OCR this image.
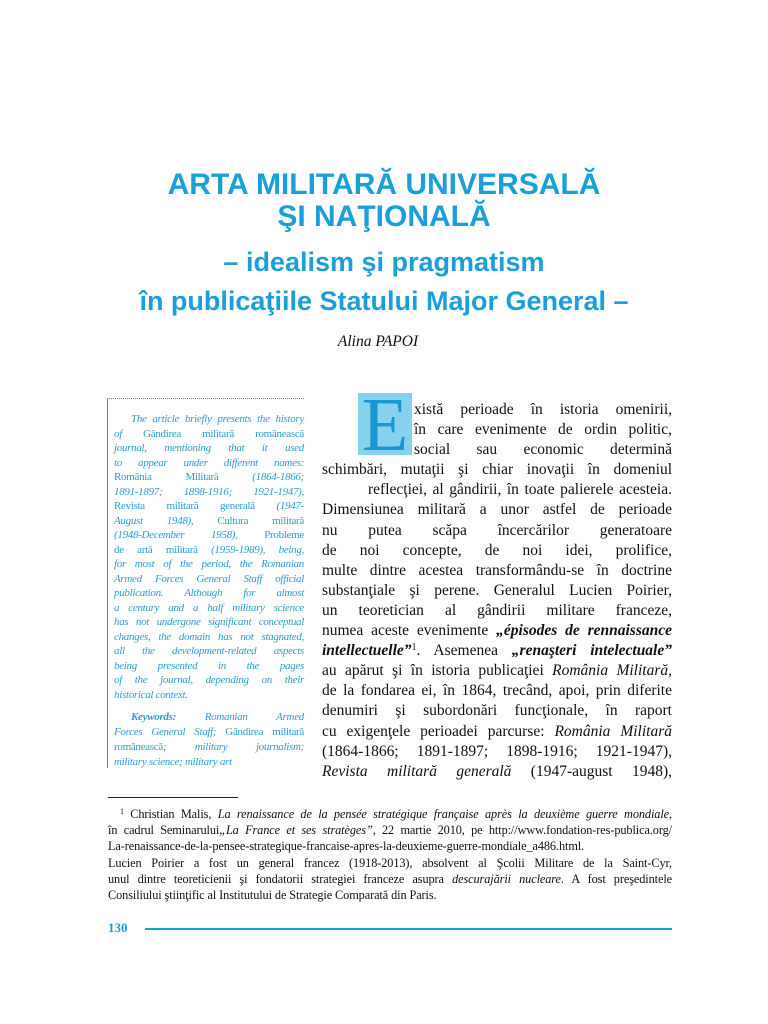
ARTA MILITARĂ UNIVERSALĂ
ŞI NAŢIONALĂ
– idealism şi pragmatism
în publicaţiile Statului Major General –
Alina PAPOI
The article briefly presents the history
of Gândirea militară românească
journal, mentioning that it used
to appear under different names:
România Militară (1864-1866;
1891-1897; 1898-1916; 1921-1947),
Revista militară generală (1947-
August 1948), Cultura militară
(1948-December 1958), Probleme
de artă militară (1959-1989), being,
for most of the period, the Romanian
Armed Forces General Staff official
publication. Although for almost
a century and a half military science
has not undergone significant conceptual
changes, the domain has not stagnated,
all the development-related aspects
being presented in the pages
of the journal, depending on their
historical context.
Keywords: Romanian Armed
Forces General Staff; Gândirea militară
românească; military journalism;
military science; military art
E xistă perioade în istoria omenirii,
în care evenimente de ordin politic,
social sau economic determină
schimbări, mutaţii şi chiar inovaţii în domeniul
reflecţiei, al gândirii, în toate palierele acesteia.
Dimensiunea militară a unor astfel de perioade
nu putea scăpa încercărilor generatoare
de noi concepte, de noi idei, prolifice,
multe dintre acestea transformându-se în doctrine
substanţiale şi perene. Generalul Lucien Poirier,
un teoretician al gândirii militare franceze,
numea aceste evenimente „épisodes de rennaissance
intellectuelle”$^1$. Asemenea „renaşteri intelectuale”
au apărut şi în istoria publicaţiei România Militară,
de la fondarea ei, în 1864, trecând, apoi, prin diferite
denumiri şi subordonări funcţionale, în raport
cu exigenţele perioadei parcurse: România Militară
(1864-1866; 1891-1897; 1898-1916; 1921-1947),
Revista militară generală (1947-august 1948),
$^1$ Christian Malis, La renaissance de la pensée stratégique française après la deuxième guerre mondiale,
în cadrul Seminarului„La France et ses stratèges”, 22 martie 2010, pe http://www.fondation-res-publica.org/
La-renaissance-de-la-pensee-strategique-francaise-apres-la-deuxieme-guerre-mondiale_a486.html.
Lucien Poirier a fost un general francez (1918-2013), absolvent al Şcolii Militare de la Saint-Cyr,
unul dintre teoreticienii şi fondatorii strategiei franceze asupra descurajării nucleare. A fost preşedintele
Consiliului ştiinţific al Institutului de Strategie Comparată din Paris.
130
